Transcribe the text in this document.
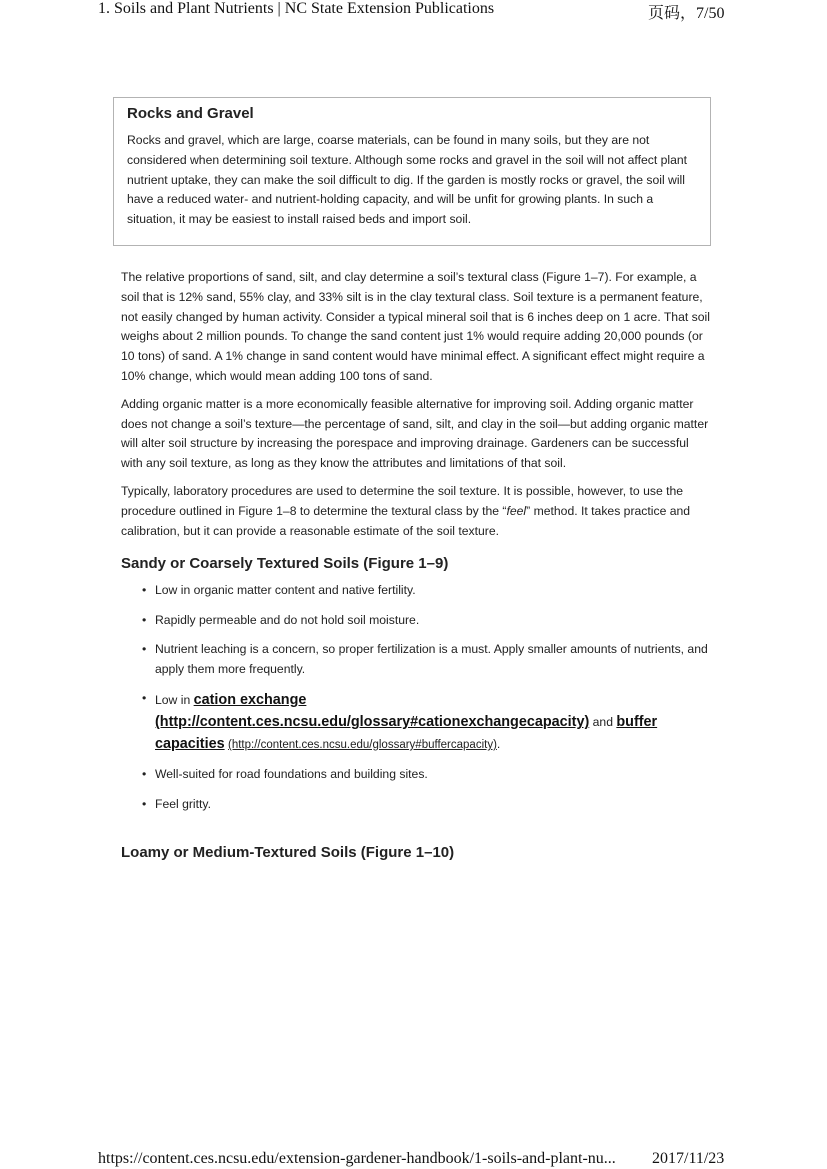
1. Soils and Plant Nutrients | NC State Extension Publications	页码，7/50
Rocks and Gravel

Rocks and gravel, which are large, coarse materials, can be found in many soils, but they are not considered when determining soil texture. Although some rocks and gravel in the soil will not affect plant nutrient uptake, they can make the soil difficult to dig. If the garden is mostly rocks or gravel, the soil will have a reduced water- and nutrient-holding capacity, and will be unfit for growing plants. In such a situation, it may be easiest to install raised beds and import soil.

The relative proportions of sand, silt, and clay determine a soil’s textural class (Figure 1–7). For example, a soil that is 12% sand, 55% clay, and 33% silt is in the clay textural class. Soil texture is a permanent feature, not easily changed by human activity. Consider a typical mineral soil that is 6 inches deep on 1 acre. That soil weighs about 2 million pounds. To change the sand content just 1% would require adding 20,000 pounds (or 10 tons) of sand. A 1% change in sand content would have minimal effect. A significant effect might require a 10% change, which would mean adding 100 tons of sand.

Adding organic matter is a more economically feasible alternative for improving soil. Adding organic matter does not change a soil’s texture—the percentage of sand, silt, and clay in the soil—but adding organic matter will alter soil structure by increasing the porespace and improving drainage. Gardeners can be successful with any soil texture, as long as they know the attributes and limitations of that soil.

Typically, laboratory procedures are used to determine the soil texture. It is possible, however, to use the procedure outlined in Figure 1–8 to determine the textural class by the “feel” method. It takes practice and calibration, but it can provide a reasonable estimate of the soil texture.

Sandy or Coarsely Textured Soils (Figure 1–9)
• Low in organic matter content and native fertility.
• Rapidly permeable and do not hold soil moisture.
• Nutrient leaching is a concern, so proper fertilization is a must. Apply smaller amounts of nutrients, and apply them more frequently.
• Low in cation exchange
(http://content.ces.ncsu.edu/glossary#cationexchangecapacity) and buffer capacities (http://content.ces.ncsu.edu/glossary#buffercapacity).
• Well-suited for road foundations and building sites.
• Feel gritty.
Loamy or Medium-Textured Soils (Figure 1–10)
https://content.ces.ncsu.edu/extension-gardener-handbook/1-soils-and-plant-nu... 2017/11/23
